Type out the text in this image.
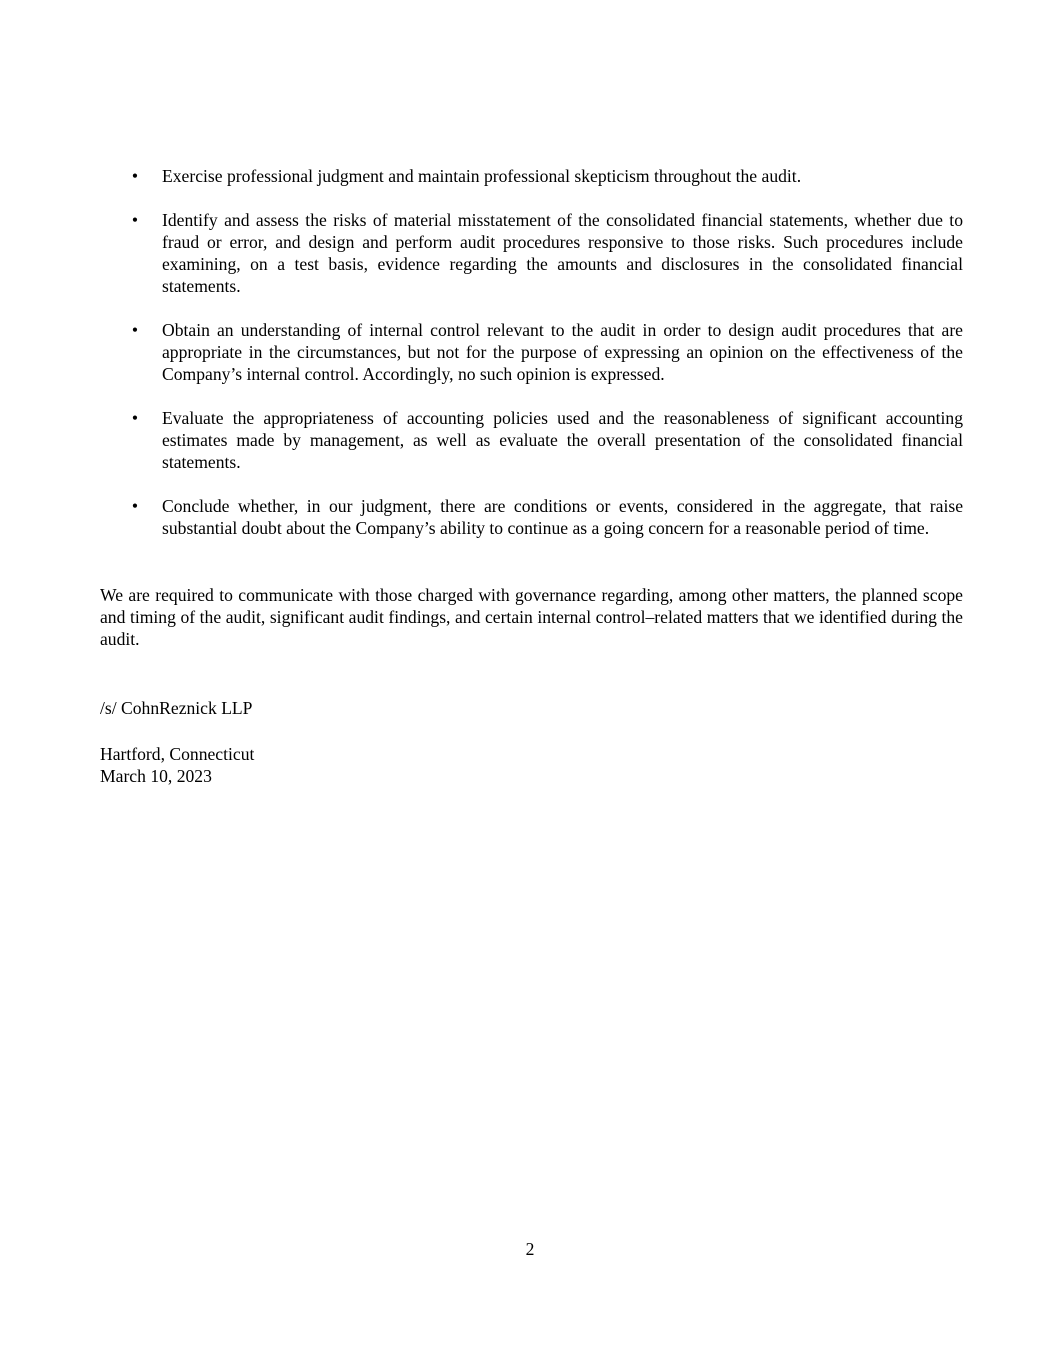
• Exercise professional judgment and maintain professional skepticism throughout the audit.
• Identify and assess the risks of material misstatement of the consolidated financial statements, whether due to fraud or error, and design and perform audit procedures responsive to those risks. Such procedures include examining, on a test basis, evidence regarding the amounts and disclosures in the consolidated financial statements.
• Obtain an understanding of internal control relevant to the audit in order to design audit procedures that are appropriate in the circumstances, but not for the purpose of expressing an opinion on the effectiveness of the Company’s internal control. Accordingly, no such opinion is expressed.
• Evaluate the appropriateness of accounting policies used and the reasonableness of significant accounting estimates made by management, as well as evaluate the overall presentation of the consolidated financial statements.
• Conclude whether, in our judgment, there are conditions or events, considered in the aggregate, that raise substantial doubt about the Company’s ability to continue as a going concern for a reasonable period of time.

We are required to communicate with those charged with governance regarding, among other matters, the planned scope and timing of the audit, significant audit findings, and certain internal control–related matters that we identified during the audit.

/s/ CohnReznick LLP

Hartford, Connecticut

March 10, 2023

2
